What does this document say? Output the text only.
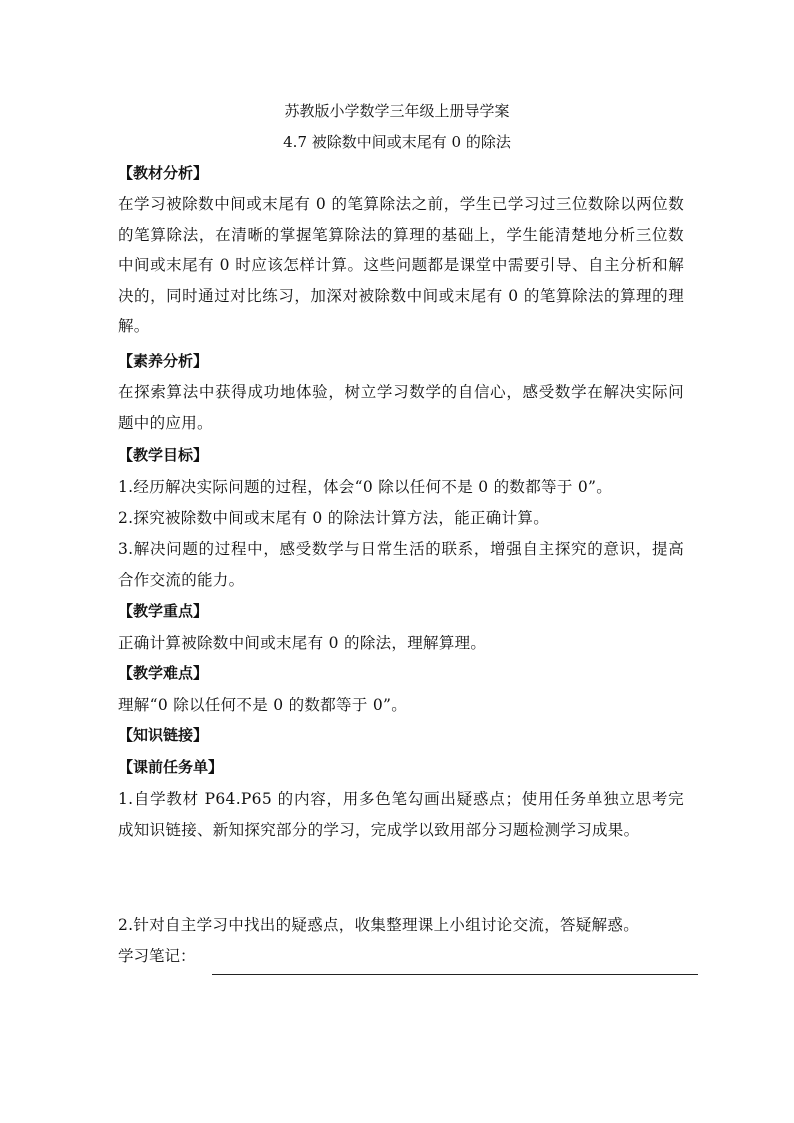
苏教版小学数学三年级上册导学案
4.7 被除数中间或末尾有 0 的除法
【教材分析】
在学习被除数中间或末尾有 0 的笔算除法之前，学生已学习过三位数除以两位数的笔算除法，在清晰的掌握笔算除法的算理的基础上，学生能清楚地分析三位数中间或末尾有 0 时应该怎样计算。这些问题都是课堂中需要引导、自主分析和解决的，同时通过对比练习，加深对被除数中间或末尾有 0 的笔算除法的算理的理解。
【素养分析】
在探索算法中获得成功地体验，树立学习数学的自信心，感受数学在解决实际问题中的应用。
【教学目标】
1.经历解决实际问题的过程，体会“0 除以任何不是 0 的数都等于 0”。
2.探究被除数中间或末尾有 0 的除法计算方法，能正确计算。
3.解决问题的过程中，感受数学与日常生活的联系，增强自主探究的意识，提高合作交流的能力。
【教学重点】
正确计算被除数中间或末尾有 0 的除法，理解算理。
【教学难点】
理解“0 除以任何不是 0 的数都等于 0”。
【知识链接】
【课前任务单】
1.自学教材 P64.P65 的内容，用多色笔勾画出疑惑点；使用任务单独立思考完成知识链接、新知探究部分的学习，完成学以致用部分习题检测学习成果。
2.针对自主学习中找出的疑惑点，收集整理课上小组讨论交流，答疑解惑。
学习笔记：
